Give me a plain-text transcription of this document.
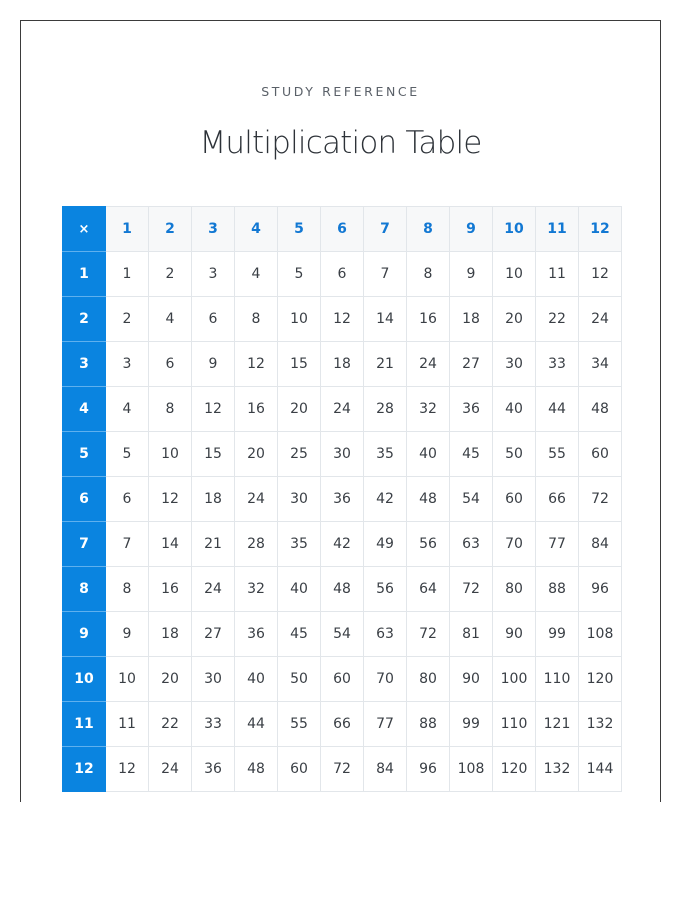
STUDY REFERENCE
Multiplication Table
×	1	2	3	4	5	6	7	8	9	10	11	12
1	1	2	3	4	5	6	7	8	9	10	11	12
2	2	4	6	8	10	12	14	16	18	20	22	24
3	3	6	9	12	15	18	21	24	27	30	33	34
4	4	8	12	16	20	24	28	32	36	40	44	48
5	5	10	15	20	25	30	35	40	45	50	55	60
6	6	12	18	24	30	36	42	48	54	60	66	72
7	7	14	21	28	35	42	49	56	63	70	77	84
8	8	16	24	32	40	48	56	64	72	80	88	96
9	9	18	27	36	45	54	63	72	81	90	99	108
10	10	20	30	40	50	60	70	80	90	100	110	120
11	11	22	33	44	55	66	77	88	99	110	121	132
12	12	24	36	48	60	72	84	96	108	120	132	144
